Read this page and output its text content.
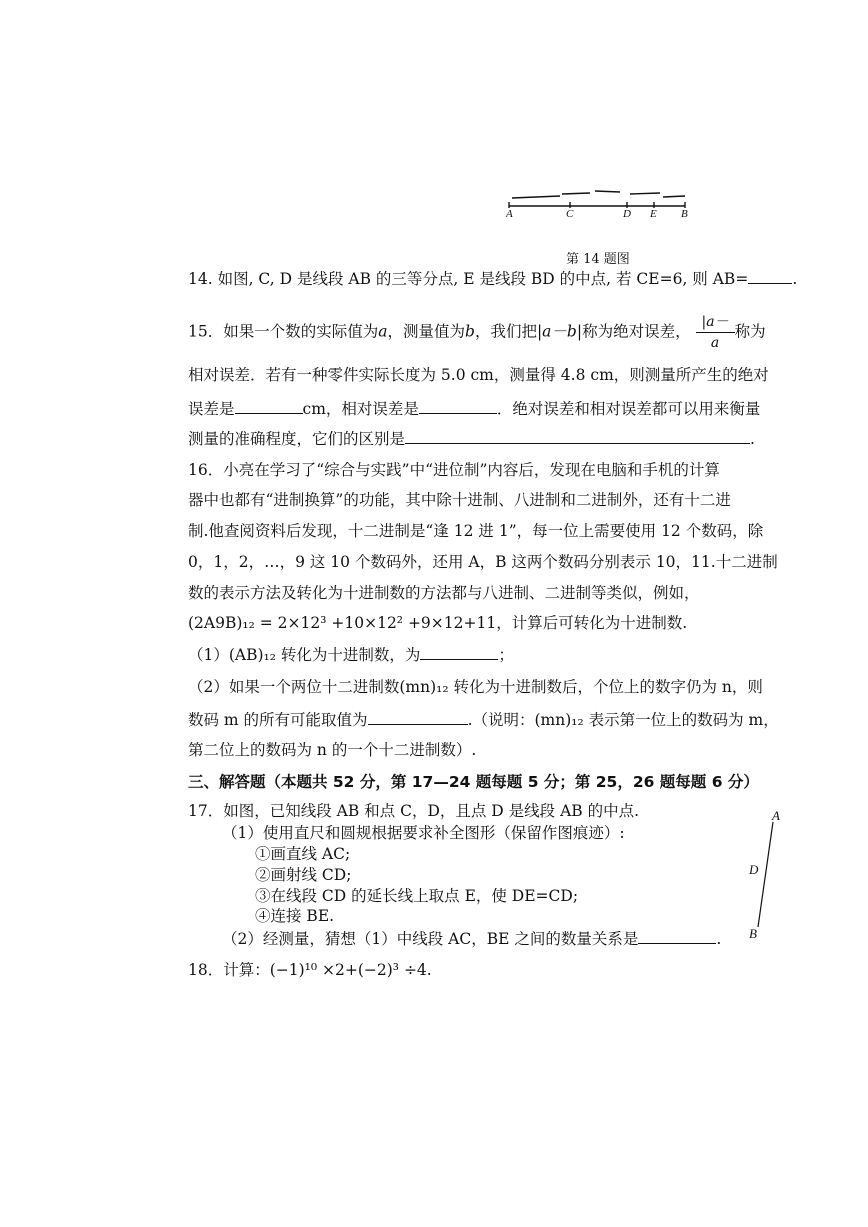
A	C	D E B
第 14 题图
14. 如图, C, D 是线段 AB 的三等分点, E 是线段 BD 的中点, 若 CE=6, 则 AB=	.
15．如果一个数的实际值为a，测量值为b，我们把|a－b|称为绝对误差， $\frac{|a-}{a}$ 称为
相对误差．若有一种零件实际长度为 5.0 cm，测量得 4.8 cm，则测量所产生的绝对
误差是	cm，相对误差是	．绝对误差和相对误差都可以用来衡量
测量的准确程度，它们的区别是	.
16．小亮在学习了“综合与实践”中“进位制”内容后，发现在电脑和手机的计算
器中也都有“进制换算”的功能，其中除十进制、八进制和二进制外，还有十二进
制.他查阅资料后发现，十二进制是“逢 12 进 1”，每一位上需要使用 12 个数码，除
0，1，2，…，9 这 10 个数码外，还用 A，B 这两个数码分别表示 10，11.十二进制
数的表示方法及转化为十进制数的方法都与八进制、二进制等类似，例如，
(2A9B)₁₂ = 2×12³ +10×12² +9×12+11，计算后可转化为十进制数.
（1）(AB)₁₂ 转化为十进制数，为	；
（2）如果一个两位十二进制数(mn)₁₂ 转化为十进制数后，个位上的数字仍为 n，则
数码 m 的所有可能取值为	.（说明：(mn)₁₂ 表示第一位上的数码为 m，
第二位上的数码为 n 的一个十二进制数）.
三、解答题（本题共 52 分，第 17—24 题每题 5 分；第 25，26 题每题 6 分）
17．如图，已知线段 AB 和点 C，D，且点 D 是线段 AB 的中点.
（1）使用直尺和圆规根据要求补全图形（保留作图痕迹）:
①画直线 AC;
②画射线 CD;
③在线段 CD 的延长线上取点 E，使 DE=CD;
④连接 BE.
（2）经测量，猜想（1）中线段 AC，BE 之间的数量关系是	.
A
D
B
18．计算：(−1)¹⁰ ×2+(−2)³ ÷4.
